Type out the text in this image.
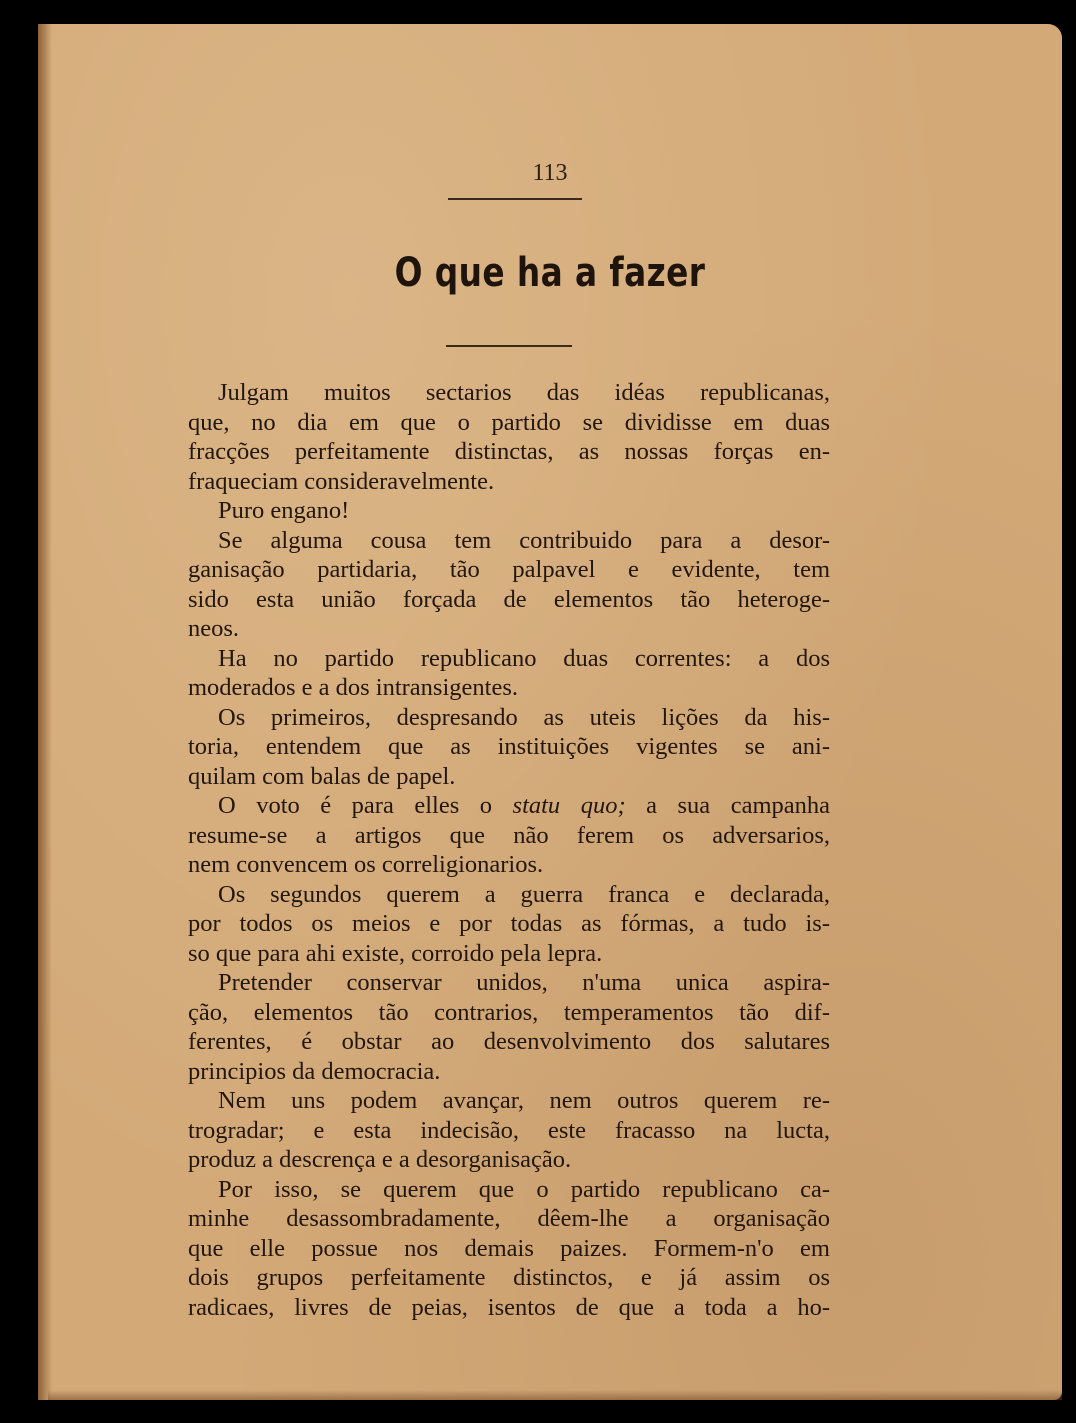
113
O que ha a fazer
Julgam muitos sectarios das idéas republicanas,
que, no dia em que o partido se dividisse em duas
fracções perfeitamente distinctas, as nossas forças en-
fraqueciam consideravelmente.
Puro engano!
Se alguma cousa tem contribuido para a desor-
ganisação partidaria, tão palpavel e evidente, tem
sido esta união forçada de elementos tão heteroge-
neos.
Ha no partido republicano duas correntes: a dos
moderados e a dos intransigentes.
Os primeiros, despresando as uteis lições da his-
toria, entendem que as instituições vigentes se ani-
quilam com balas de papel.
O voto é para elles o statu quo; a sua campanha
resume-se a artigos que não ferem os adversarios,
nem convencem os correligionarios.
Os segundos querem a guerra franca e declarada,
por todos os meios e por todas as fórmas, a tudo is-
so que para ahi existe, corroido pela lepra.
Pretender conservar unidos, n'uma unica aspira-
ção, elementos tão contrarios, temperamentos tão dif-
ferentes, é obstar ao desenvolvimento dos salutares
principios da democracia.
Nem uns podem avançar, nem outros querem re-
trogradar; e esta indecisão, este fracasso na lucta,
produz a descrença e a desorganisação.
Por isso, se querem que o partido republicano ca-
minhe desassombradamente, dêem-lhe a organisação
que elle possue nos demais paizes. Formem-n'o em
dois grupos perfeitamente distinctos, e já assim os
radicaes, livres de peias, isentos de que a toda a ho-
